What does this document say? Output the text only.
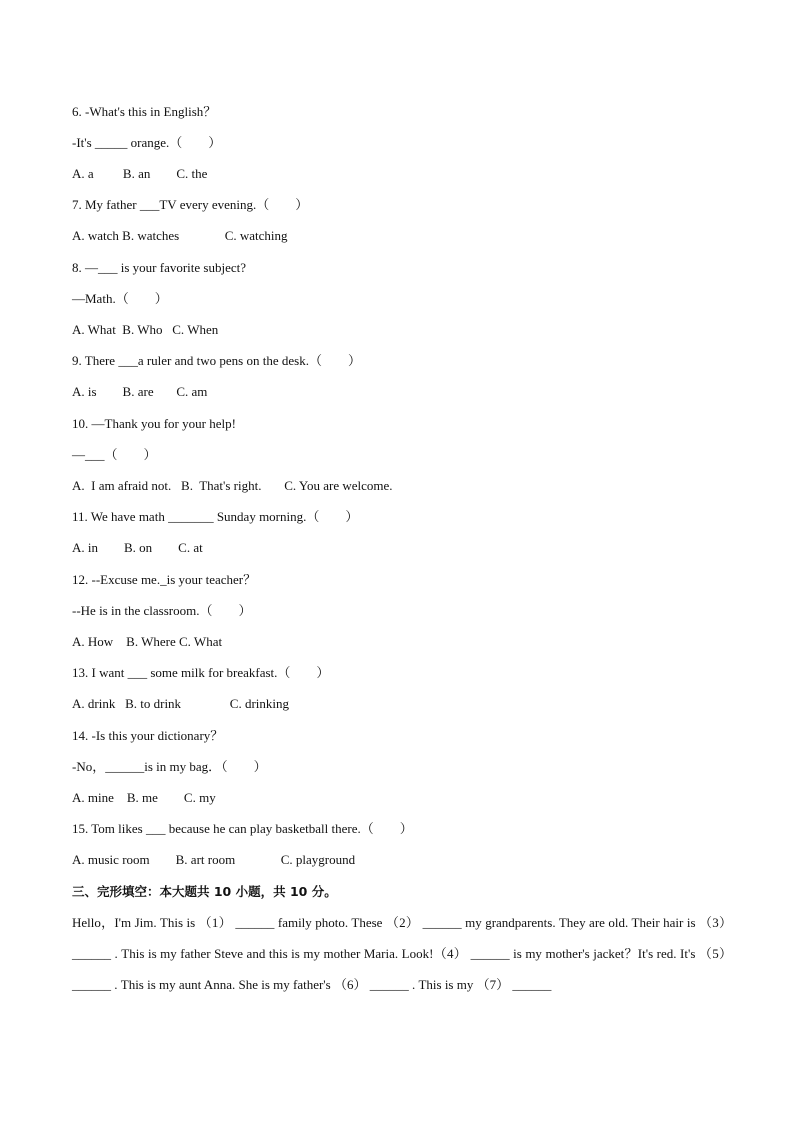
6. -What's this in English？
-It's _____ orange.（　　）
A. a         B. an        C. the
7. My father ___TV every evening.（　　）
A. watch B. watches              C. watching
8. —___ is your favorite subject?
—Math.（　　）
A. What  B. Who   C. When
9. There ___a ruler and two pens on the desk.（　　）
A. is        B. are       C. am
10. —Thank you for your help!
—___（　　）
A.  I am afraid not.   B.  That's right.       C. You are welcome.
11. We have math _______ Sunday morning.（　　）
A. in        B. on        C. at
12. --Excuse me._is your teacher？
--He is in the classroom.（　　）
A. How    B. Where C. What
13. I want ___ some milk for breakfast.（　　）
A. drink   B. to drink               C. drinking
14. -Is this your dictionary？
-No，______is in my bag．（　　）
A. mine    B. me        C. my
15. Tom likes ___ because he can play basketball there.（　　）
A. music room        B. art room              C. playground
三、完形填空：本大题共 10 小题，共 10 分。
Hello，I'm Jim. This is （1） ______ family photo. These （2） ______ my grandparents. They are old. Their hair is （3） ______ . This is my father Steve and this is my mother Maria. Look!（4） ______ is my mother's jacket？It's red. It's （5） ______ . This is my aunt Anna. She is my father's （6） ______ . This is my （7） ______
